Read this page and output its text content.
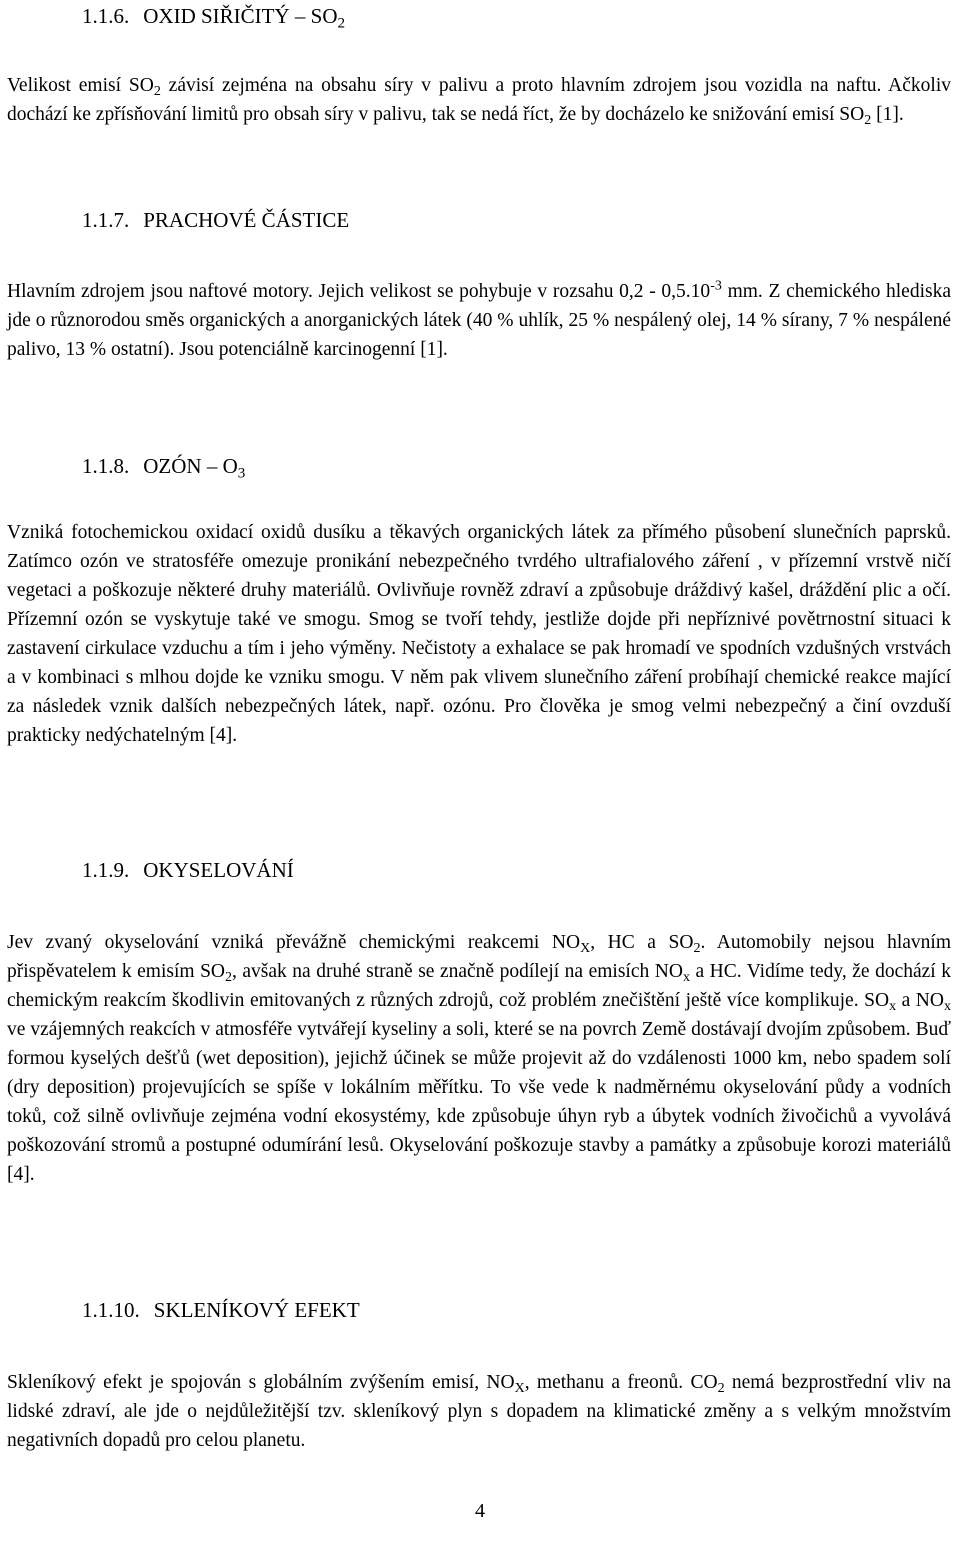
1.1.6. OXID SIŘIČITÝ – $SO_2$

Velikost emisí $SO_2$ závisí zejména na obsahu síry v palivu a proto hlavním zdrojem jsou vozidla na naftu. Ačkoliv dochází ke zpřísňování limitů pro obsah síry v palivu, tak se nedá říct, že by docházelo ke snižování emisí $SO_2$ [1].

1.1.7. PRACHOVÉ ČÁSTICE

Hlavním zdrojem jsou naftové motory. Jejich velikost se pohybuje v rozsahu $0,2 - 0,5.10^{-3}$ mm. Z chemického hlediska jde o různorodou směs organických a anorganických látek (40 % uhlík, 25 % nespálený olej, 14 % sírany, 7 % nespálené palivo, 13 % ostatní). Jsou potenciálně karcinogenní [1].

1.1.8. OZÓN – $O_3$

Vzniká fotochemickou oxidací oxidů dusíku a těkavých organických látek za přímého působení slunečních paprsků. Zatímco ozón ve stratosféře omezuje pronikání nebezpečného tvrdého ultrafialového záření , v přízemní vrstvě ničí vegetaci a poškozuje některé druhy materiálů. Ovlivňuje rovněž zdraví a způsobuje dráždivý kašel, dráždění plic a očí. Přízemní ozón se vyskytuje také ve smogu. Smog se tvoří tehdy, jestliže dojde při nepříznivé povětrnostní situaci k zastavení cirkulace vzduchu a tím i jeho výměny. Nečistoty a exhalace se pak hromadí ve spodních vzdušných vrstvách a v kombinaci s mlhou dojde ke vzniku smogu. V něm pak vlivem slunečního záření probíhají chemické reakce mající za následek vznik dalších nebezpečných látek, např. ozónu. Pro člověka je smog velmi nebezpečný a činí ovzduší prakticky nedýchatelným [4].

1.1.9. OKYSELOVÁNÍ

Jev zvaný okyselování vzniká převážně chemickými reakcemi $NO_X$, HC a $SO_2$. Automobily nejsou hlavním přispěvatelem k emisím $SO_2$, avšak na druhé straně se značně podílejí na emisích $NO_x$ a HC. Vidíme tedy, že dochází k chemickým reakcím škodlivin emitovaných z různých zdrojů, což problém znečištění ještě více komplikuje. $SO_x$ a $NO_x$ ve vzájemných reakcích v atmosféře vytvářejí kyseliny a soli, které se na povrch Země dostávají dvojím způsobem. Buď formou kyselých dešťů (wet deposition), jejichž účinek se může projevit až do vzdálenosti 1000 km, nebo spadem solí (dry deposition) projevujících se spíše v lokálním měřítku. To vše vede k nadměrnému okyselování půdy a vodních toků, což silně ovlivňuje zejména vodní ekosystémy, kde způsobuje úhyn ryb a úbytek vodních živočichů a vyvolává poškozování stromů a postupné odumírání lesů. Okyselování poškozuje stavby a památky a způsobuje korozi materiálů [4].

1.1.10. SKLENÍKOVÝ EFEKT

Skleníkový efekt je spojován s globálním zvýšením emisí, $NO_X$, methanu a freonů. $CO_2$ nemá bezprostřední vliv na lidské zdraví, ale jde o nejdůležitější tzv. skleníkový plyn s dopadem na klimatické změny a s velkým množstvím negativních dopadů pro celou planetu.

4
